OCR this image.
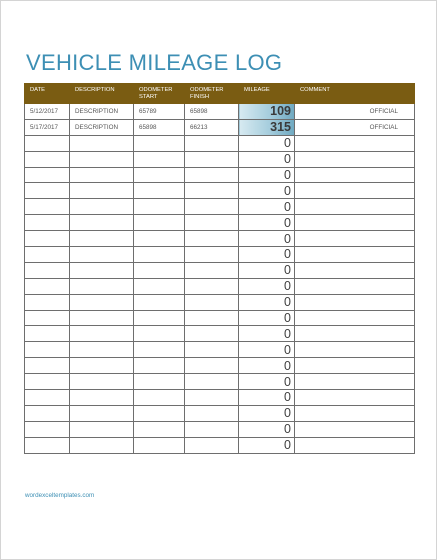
VEHICLE MILEAGE LOG
DATE	DESCRIPTION	ODOMETER START	ODOMETER FINISH	MILEAGE	COMMENT
5/12/2017	DESCRIPTION	65789	65898	109	OFFICIAL
5/17/2017	DESCRIPTION	65898	66213	315	OFFICIAL
				0	
				0	
				0	
				0	
				0	
				0	
				0	
				0	
				0	
				0	
				0	
				0	
				0	
				0	
				0	
				0	
				0	
				0	
				0	
				0	
wordexceltemplates.com
